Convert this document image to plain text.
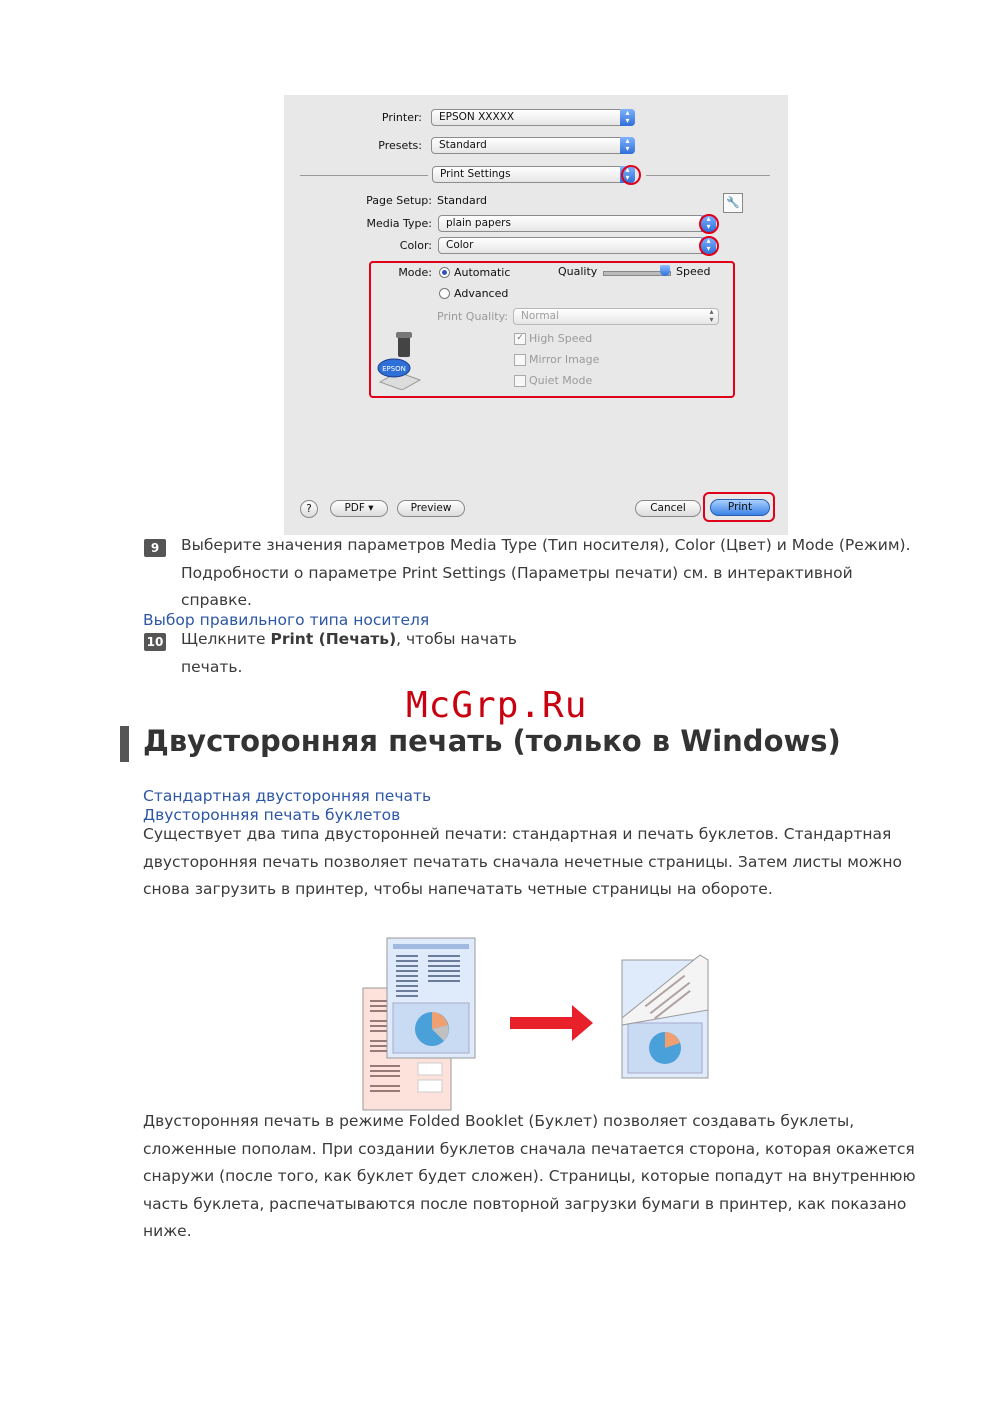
Printer:	EPSON XXXXX	▴
▾
Presets:	Standard	▴
▾
Print Settings	▴
▾
Page Setup: Standard	🔧
Media Type:	plain papers	▴
▾
Color:	Color	▴
▾
Mode: Automatic
Advanced
Quality	Speed
Print Quality:	Normal	▴
▾
✓ High Speed
Mirror Image
Quiet Mode
EPSON
?	PDF ▾	Preview	Cancel	Print
9	Выберите значения параметров Media Type (Тип носителя), Color (Цвет) и Mode (Режим). Подробности о параметре Print Settings (Параметры печати) см. в интерактивной справке.
Выбор правильного типа носителя
10 Щелкните Print (Печать), чтобы начать печать.
McGrp.Ru
Двусторонняя печать (только в Windows)
Стандартная двусторонняя печать
Двусторонняя печать буклетов
Существует два типа двусторонней печати: стандартная и печать буклетов. Стандартная двусторонняя печать позволяет печатать сначала нечетные страницы. Затем листы можно снова загрузить в принтер, чтобы напечатать четные страницы на обороте.
Двусторонняя печать в режиме Folded Booklet (Буклет) позволяет создавать буклеты, сложенные пополам. При создании буклетов сначала печатается сторона, которая окажется снаружи (после того, как буклет будет сложен). Страницы, которые попадут на внутреннюю часть буклета, распечатываются после повторной загрузки бумаги в принтер, как показано ниже.
